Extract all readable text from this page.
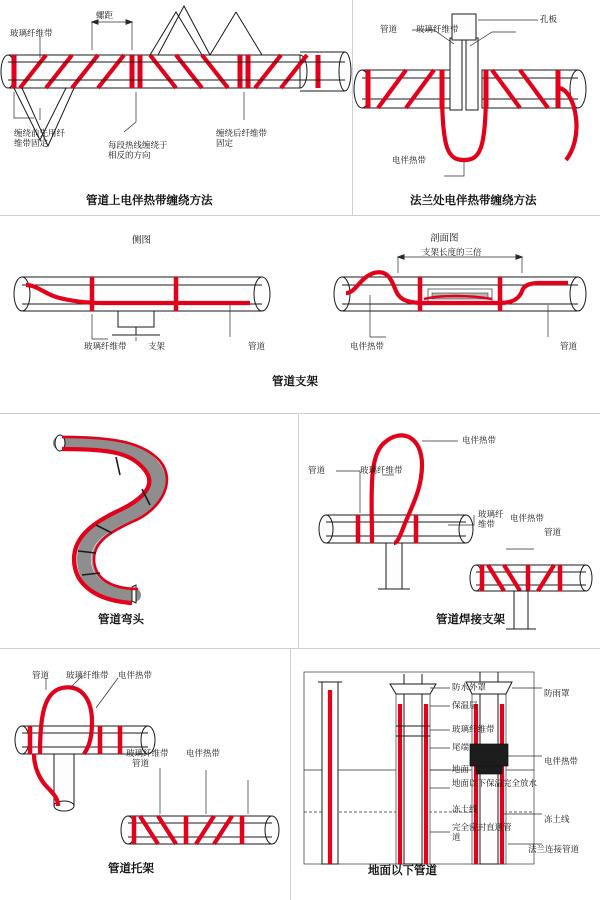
玻璃纤维带
螺距
缠绕前先用纤维带固定	每段热线缠绕于相反的方向
缠绕后纤维带固定
管道上电伴热带缠绕方法
孔板
管道 玻璃纤维带
电伴热带
法兰处电伴热带缠绕方法
侧图
玻璃纤维带	支架	管道
剖面图
支架长度的三倍
电伴热带	管道
管道支架
管道弯头
电伴热带
管道	玻璃纤维带
玻璃纤维带
电伴热带
管道
管道焊接支架
管道 玻璃纤维带 电伴热带
玻璃纤维带 电伴热带
管道
管道托架
防水外罩
保温层
玻璃纤维带
尾端
地面
地面以下保温完全放水
冻土线
完全密封直通管道
防雨罩
电伴热带
冻土线
法兰连接管道
地面以下管道
